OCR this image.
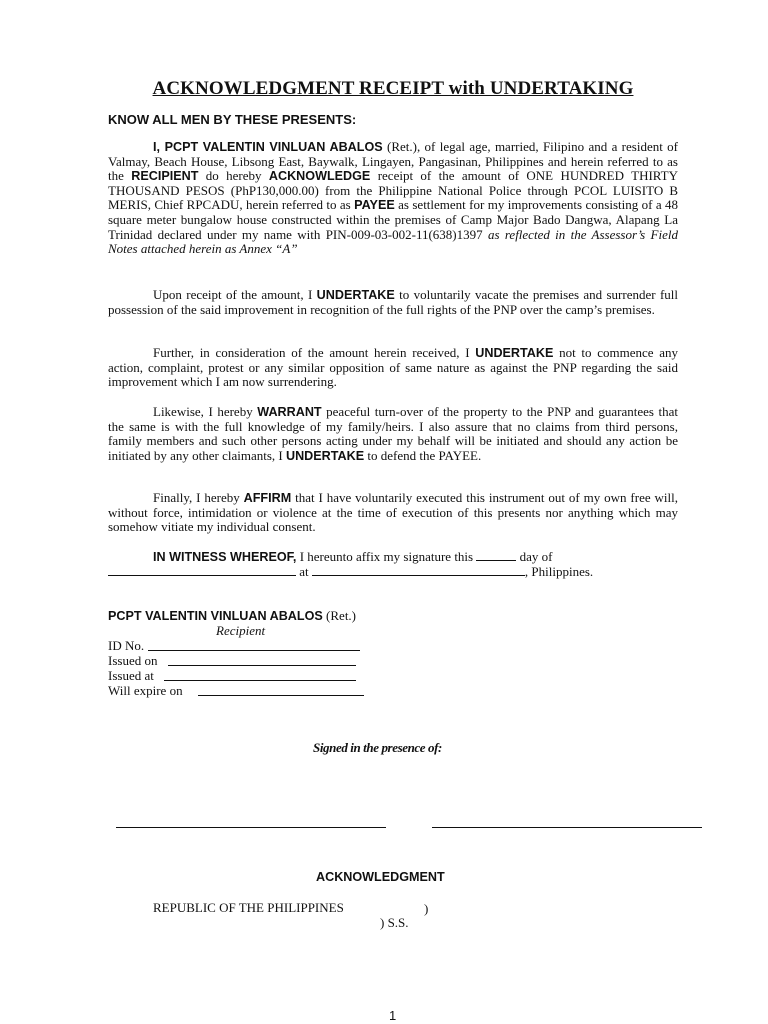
ACKNOWLEDGMENT RECEIPT with UNDERTAKING
KNOW ALL MEN BY THESE PRESENTS:

I, PCPT VALENTIN VINLUAN ABALOS (Ret.), of legal age, married, Filipino and a resident of Valmay, Beach House, Libsong East, Baywalk, Lingayen, Pangasinan, Philippines and herein referred to as the RECIPIENT do hereby ACKNOWLEDGE receipt of the amount of ONE HUNDRED THIRTY THOUSAND PESOS (PhP130,000.00) from the Philippine National Police through PCOL LUISITO B MERIS, Chief RPCADU, herein referred to as PAYEE as settlement for my improvements consisting of a 48 square meter bungalow house constructed within the premises of Camp Major Bado Dangwa, Alapang La Trinidad declared under my name with PIN-009-03-002-11(638)1397 as reflected in the Assessor’s Field Notes attached herein as Annex “A”

Upon receipt of the amount, I UNDERTAKE to voluntarily vacate the premises and surrender full possession of the said improvement in recognition of the full rights of the PNP over the camp’s premises.

Further, in consideration of the amount herein received, I UNDERTAKE not to commence any action, complaint, protest or any similar opposition of same nature as against the PNP regarding the said improvement which I am now surrendering.

Likewise, I hereby WARRANT peaceful turn-over of the property to the PNP and guarantees that the same is with the full knowledge of my family/heirs. I also assure that no claims from third persons, family members and such other persons acting under my behalf will be initiated and should any action be initiated by any other claimants, I UNDERTAKE to defend the PAYEE.

Finally, I hereby AFFIRM that I have voluntarily executed this instrument out of my own free will, without force, intimidation or violence at the time of execution of this presents nor anything which may somehow vitiate my individual consent.

IN WITNESS WHEREOF, I hereunto affix my signature this	day of
at	, Philippines.

PCPT VALENTIN VINLUAN ABALOS (Ret.)
Recipient
ID No.
Issued on
Issued at
Will expire on
Signed in the presence of:
ACKNOWLEDGMENT
REPUBLIC OF THE PHILIPPINES	)
) S.S.
1
